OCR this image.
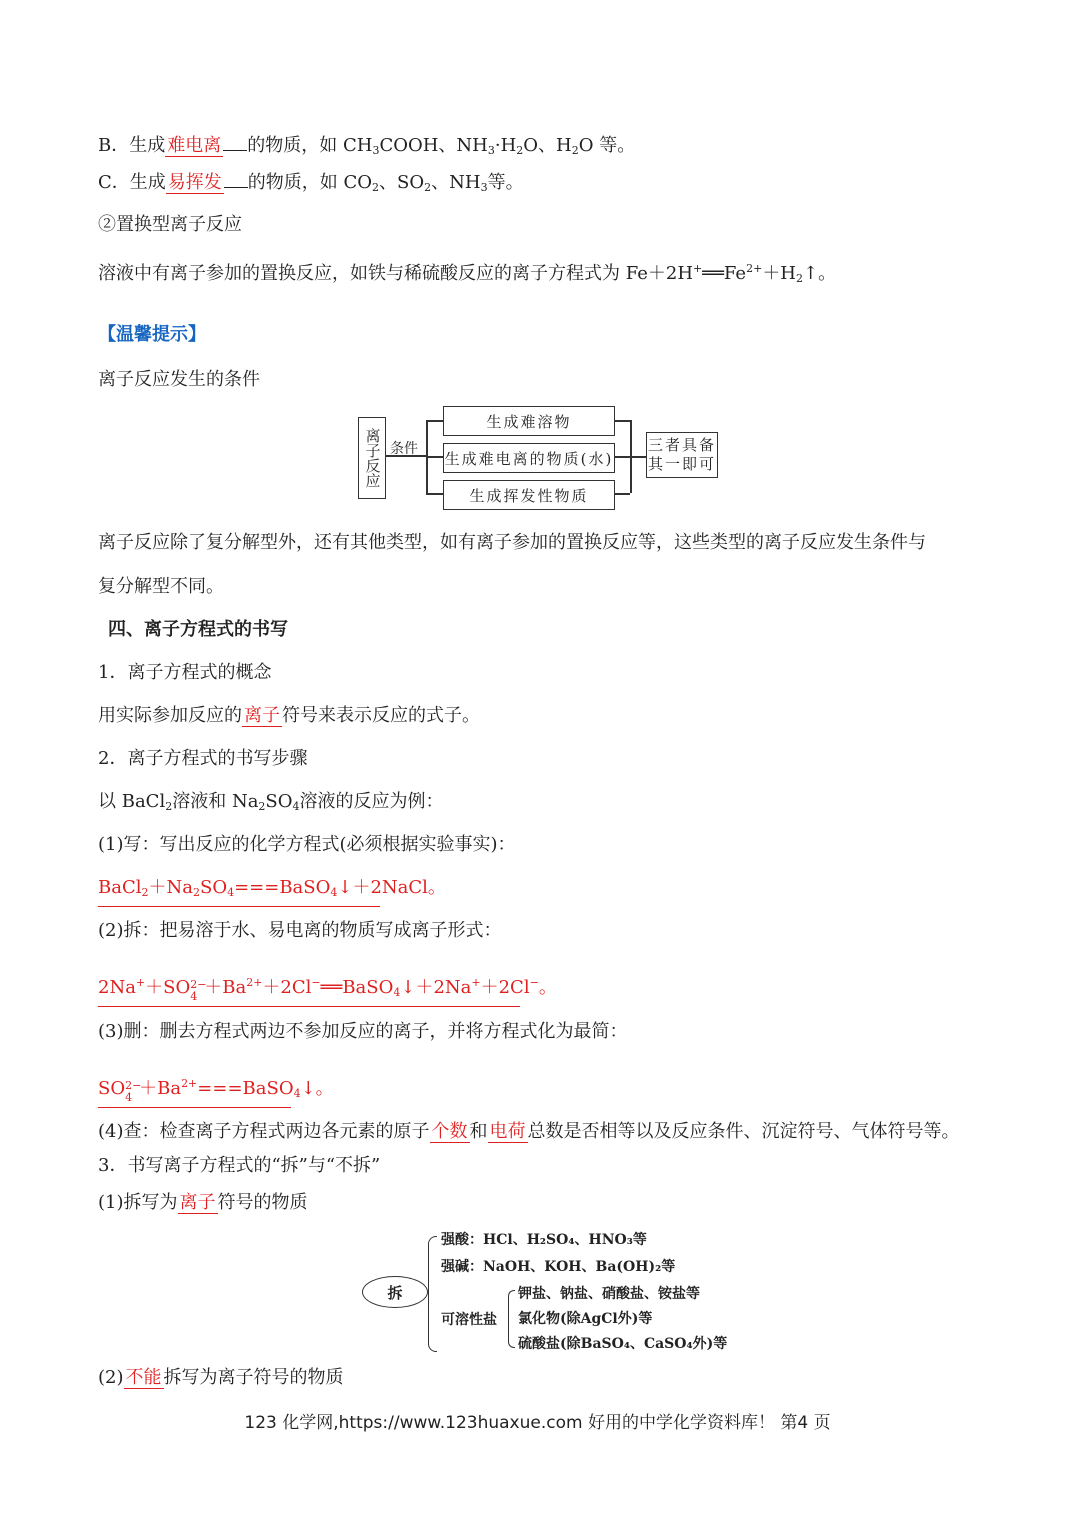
B．生成 难电离 的物质，如 $CH_3COOH$、$NH_3\cdot H_2O$、$H_2O$ 等。
C．生成 易挥发 的物质，如 $CO_2$、$SO_2$、$NH_3$等。
②置换型离子反应
溶液中有离子参加的置换反应，如铁与稀硫酸反应的离子方程式为 $Fe+2H^+══Fe^{2+}+H_2↑$。
【温馨提示】
离子反应发生的条件
离子反应 条件
生成难溶物
生成难电离的物质(水)
生成挥发性物质
三者具备
其一即可
离子反应除了复分解型外，还有其他类型，如有离子参加的置换反应等，这些类型的离子反应发生条件与
复分解型不同。
四、离子方程式的书写
1．离子方程式的概念
用实际参加反应的 离子 符号来表示反应的式子。
2．离子方程式的书写步骤
以 BaCl$_2$溶液和 $Na_2SO_4$溶液的反应为例：
(1)写：写出反应的化学方程式(必须根据实验事实)：
$BaCl_2+Na_2SO_4===BaSO_4↓+2NaCl$。
(2)拆：把易溶于水、易电离的物质写成离子形式：
2Na+＋SO 2−
$4 +Ba^{2+}+2Cl^-══BaSO_4↓+2Na^++2Cl^-$。
(3)删：删去方程式两边不参加反应的离子，并将方程式化为最简：
SO 2−
$4 +Ba^{2+}===BaSO_4↓$。
(4)查：检查离子方程式两边各元素的原子 个数 和 电荷 总数是否相等以及反应条件、沉淀符号、气体符号等。
3．书写离子方程式的“拆”与“不拆”
(1)拆写为 离子 符号的物质
拆
强酸：HCl、H₂SO₄、HNO₃等
强碱：NaOH、KOH、Ba(OH)₂等
可溶性盐
钾盐、钠盐、硝酸盐、铵盐等
氯化物(除AgCl外)等
硫酸盐(除BaSO₄、CaSO₄外)等
(2) 不能 拆写为离子符号的物质
123 化学网,https://www.123huaxue.com 好用的中学化学资料库！ 第4 页
